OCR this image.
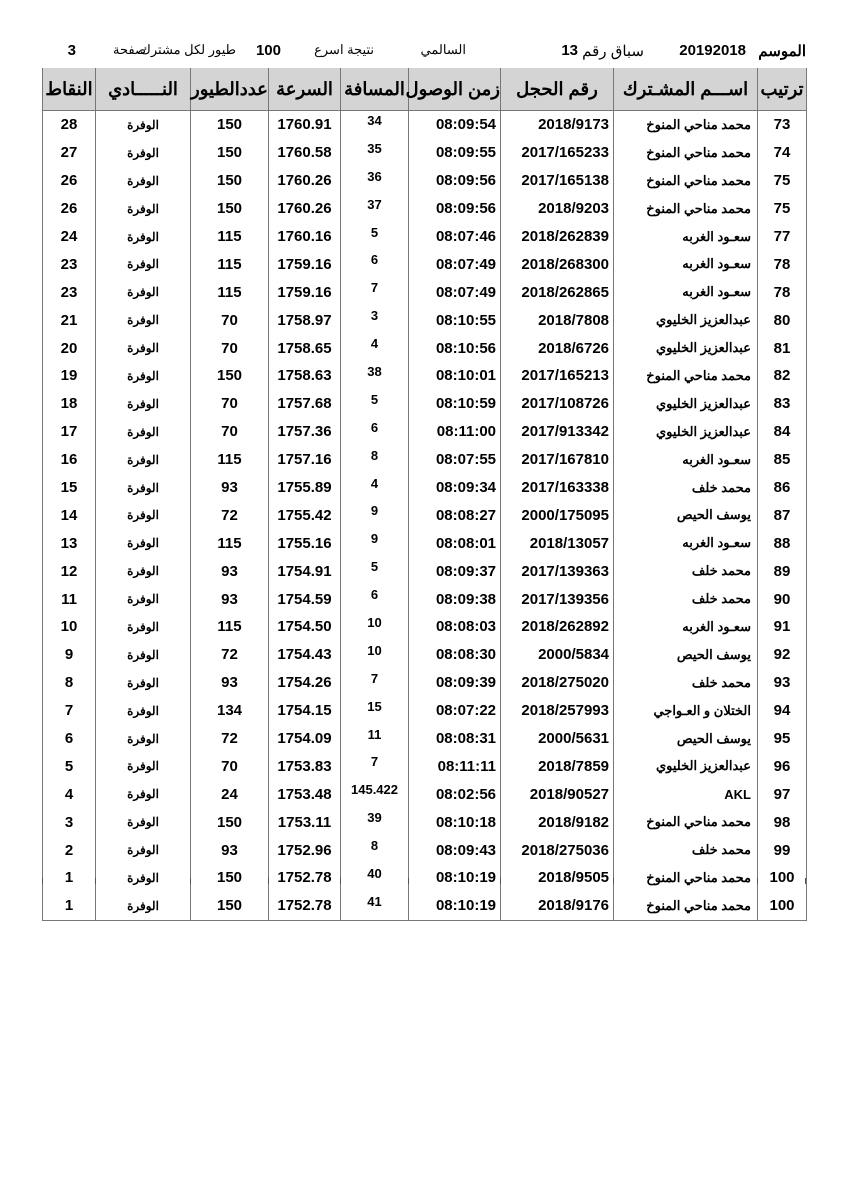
الموسم
20192018
سباق رقم
13
السالمي
نتيجة اسرع
100
طيور لكل مشترك
صفحة
3
ترتيب	اســـم المشـترك	رقم الحجل	زمن الوصول	المسافة	السرعة	عددالطيور	النـــــادي	النقاط
73	محمد مناحي المنوخ	2018/9173	08:09:54	34	1760.91	150	الوفرة	28
74	محمد مناحي المنوخ	2017/165233	08:09:55	35	1760.58	150	الوفرة	27
75	محمد مناحي المنوخ	2017/165138	08:09:56	36	1760.26	150	الوفرة	26
75	محمد مناحي المنوخ	2018/9203	08:09:56	37	1760.26	150	الوفرة	26
77	سعـود الغربه	2018/262839	08:07:46	5	1760.16	115	الوفرة	24
78	سعـود الغربه	2018/268300	08:07:49	6	1759.16	115	الوفرة	23
78	سعـود الغربه	2018/262865	08:07:49	7	1759.16	115	الوفرة	23
80	عبدالعزيز الخليوي	2018/7808	08:10:55	3	1758.97	70	الوفرة	21
81	عبدالعزيز الخليوي	2018/6726	08:10:56	4	1758.65	70	الوفرة	20
82	محمد مناحي المنوخ	2017/165213	08:10:01	38	1758.63	150	الوفرة	19
83	عبدالعزيز الخليوي	2017/108726	08:10:59	5	1757.68	70	الوفرة	18
84	عبدالعزيز الخليوي	2017/913342	08:11:00	6	1757.36	70	الوفرة	17
85	سعـود الغربه	2017/167810	08:07:55	8	1757.16	115	الوفرة	16
86	محمد خلف	2017/163338	08:09:34	4	1755.89	93	الوفرة	15
87	يوسف الحيص	2000/175095	08:08:27	9	1755.42	72	الوفرة	14
88	سعـود الغربه	2018/13057	08:08:01	9	1755.16	115	الوفرة	13
89	محمد خلف	2017/139363	08:09:37	5	1754.91	93	الوفرة	12
90	محمد خلف	2017/139356	08:09:38	6	1754.59	93	الوفرة	11
91	سعـود الغربه	2018/262892	08:08:03	10	1754.50	115	الوفرة	10
92	يوسف الحيص	2000/5834	08:08:30	10	1754.43	72	الوفرة	9
93	محمد خلف	2018/275020	08:09:39	7	1754.26	93	الوفرة	8
94	الختلان و العـواجي	2018/257993	08:07:22	15	1754.15	134	الوفرة	7
95	يوسف الحيص	2000/5631	08:08:31	11	1754.09	72	الوفرة	6
96	عبدالعزيز الخليوي	2018/7859	08:11:11	7	1753.83	70	الوفرة	5
97	AKL	2018/90527	08:02:56	145.422	1753.48	24	الوفرة	4
98	محمد مناحي المنوخ	2018/9182	08:10:18	39	1753.11	150	الوفرة	3
99	محمد خلف	2018/275036	08:09:43	8	1752.96	93	الوفرة	2
100	محمد مناحي المنوخ	2018/9505	08:10:19	40	1752.78	150	الوفرة	1
100	محمد مناحي المنوخ	2018/9176	08:10:19	41	1752.78	150	الوفرة	1
